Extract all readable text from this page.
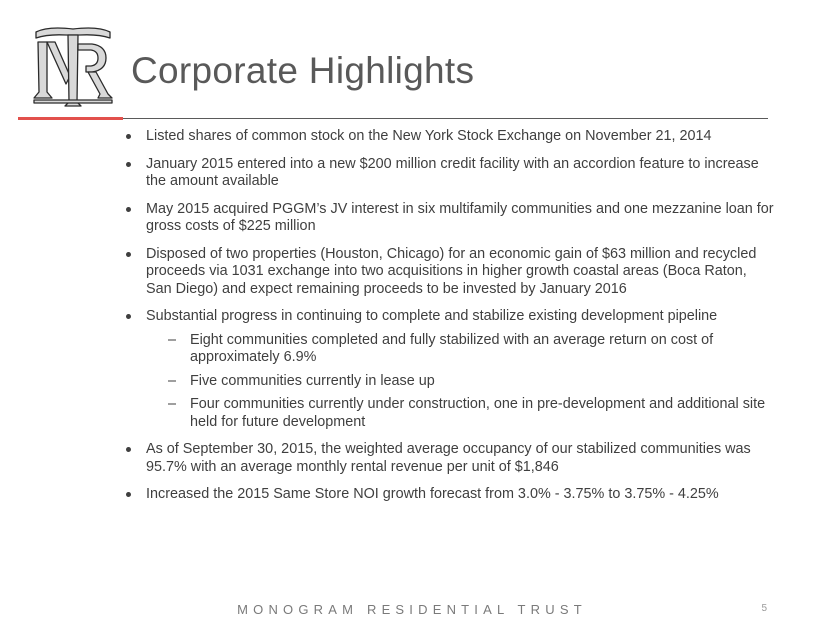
Corporate Highlights
Listed shares of common stock on the New York Stock Exchange on November 21, 2014
January 2015 entered into a new $200 million credit facility with an accordion feature to increase the amount available
May 2015 acquired PGGM’s JV interest in six multifamily communities and one mezzanine loan for gross costs of $225 million
Disposed of two properties (Houston, Chicago) for an economic gain of $63 million and recycled proceeds via 1031 exchange into two acquisitions in higher growth coastal areas (Boca Raton, San Diego) and expect remaining proceeds to be invested by January 2016
Substantial progress in continuing to complete and stabilize existing development pipeline
– Eight communities completed and fully stabilized with an average return on cost of approximately 6.9%
– Five communities currently in lease up
– Four communities currently under construction, one in pre-development and additional site held for future development
As of September 30, 2015, the weighted average occupancy of our stabilized communities was 95.7% with an average monthly rental revenue per unit of $1,846
Increased the 2015 Same Store NOI growth forecast from 3.0% - 3.75% to 3.75% - 4.25%
MONOGRAM RESIDENTIAL TRUST	5
